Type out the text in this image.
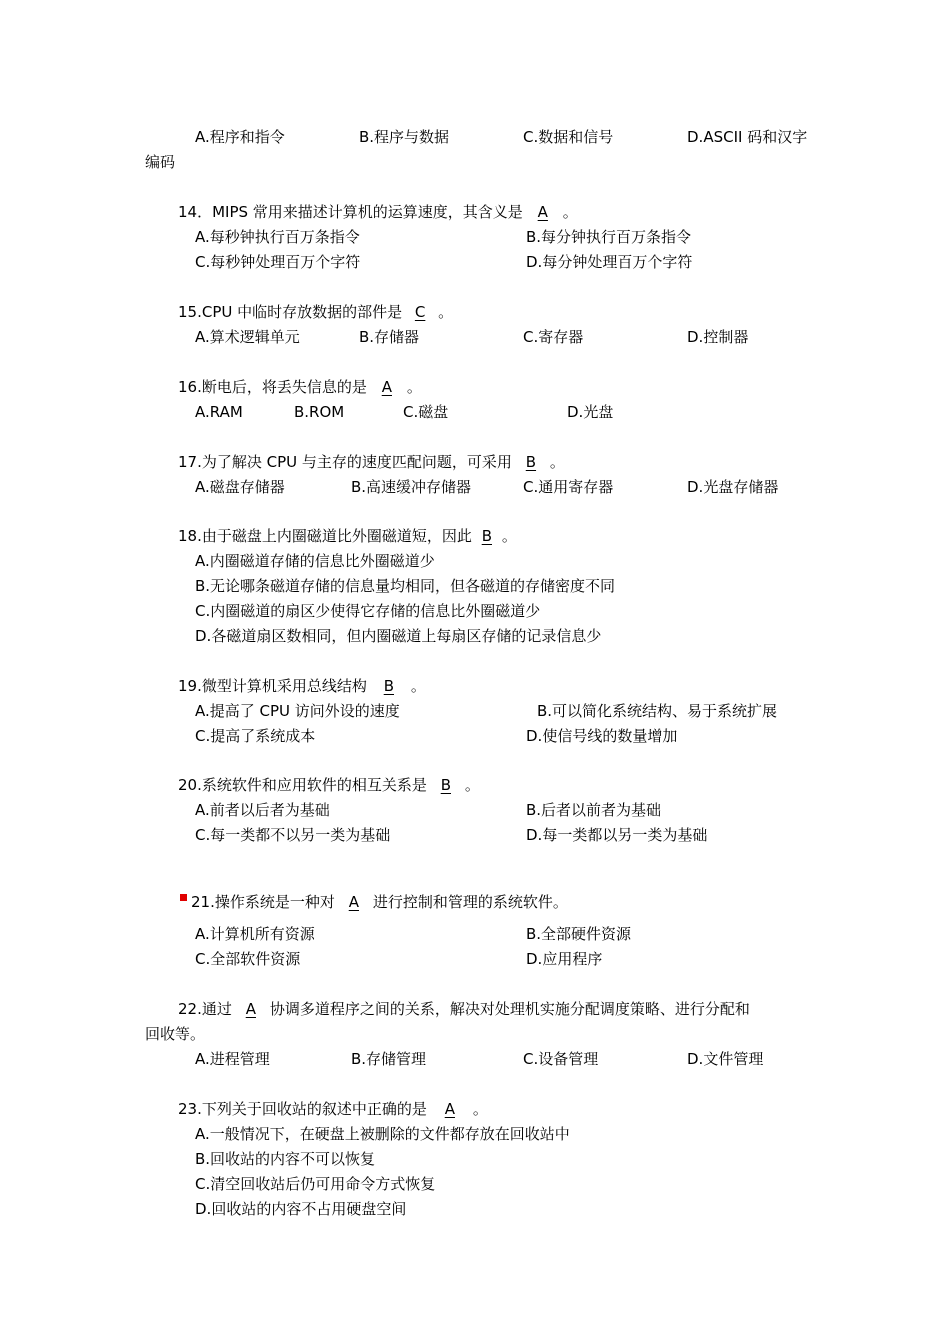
A.程序和指令	B.程序与数据	C.数据和信号	D.ASCII 码和汉字
编码
14．MIPS 常用来描述计算机的运算速度，其含义是 A 。
A.每秒钟执行百万条指令	B.每分钟执行百万条指令
C.每秒钟处理百万个字符	D.每分钟处理百万个字符
15.CPU 中临时存放数据的部件是 C 。
A.算术逻辑单元	B.存储器	C.寄存器	D.控制器
16.断电后，将丢失信息的是 A 。
A.RAM	B.ROM	C.磁盘	D.光盘
17.为了解决 CPU 与主存的速度匹配问题，可采用 B 。
A.磁盘存储器	B.高速缓冲存储器	C.通用寄存器	D.光盘存储器
18.由于磁盘上内圈磁道比外圈磁道短，因此 B 。
A.内圈磁道存储的信息比外圈磁道少
B.无论哪条磁道存储的信息量均相同，但各磁道的存储密度不同
C.内圈磁道的扇区少使得它存储的信息比外圈磁道少
D.各磁道扇区数相同，但内圈磁道上每扇区存储的记录信息少
19.微型计算机采用总线结构 B 。
A.提高了 CPU 访问外设的速度	B.可以简化系统结构、易于系统扩展
C.提高了系统成本	D.使信号线的数量增加
20.系统软件和应用软件的相互关系是 B 。
A.前者以后者为基础	B.后者以前者为基础
C.每一类都不以另一类为基础	D.每一类都以另一类为基础
21.操作系统是一种对 A 进行控制和管理的系统软件。
A.计算机所有资源	B.全部硬件资源
C.全部软件资源	D.应用程序
22.通过 A 协调多道程序之间的关系，解决对处理机实施分配调度策略、进行分配和
回收等。
A.进程管理	B.存储管理	C.设备管理	D.文件管理
23.下列关于回收站的叙述中正确的是 A 。
A.一般情况下，在硬盘上被删除的文件都存放在回收站中
B.回收站的内容不可以恢复
C.清空回收站后仍可用命令方式恢复
D.回收站的内容不占用硬盘空间
